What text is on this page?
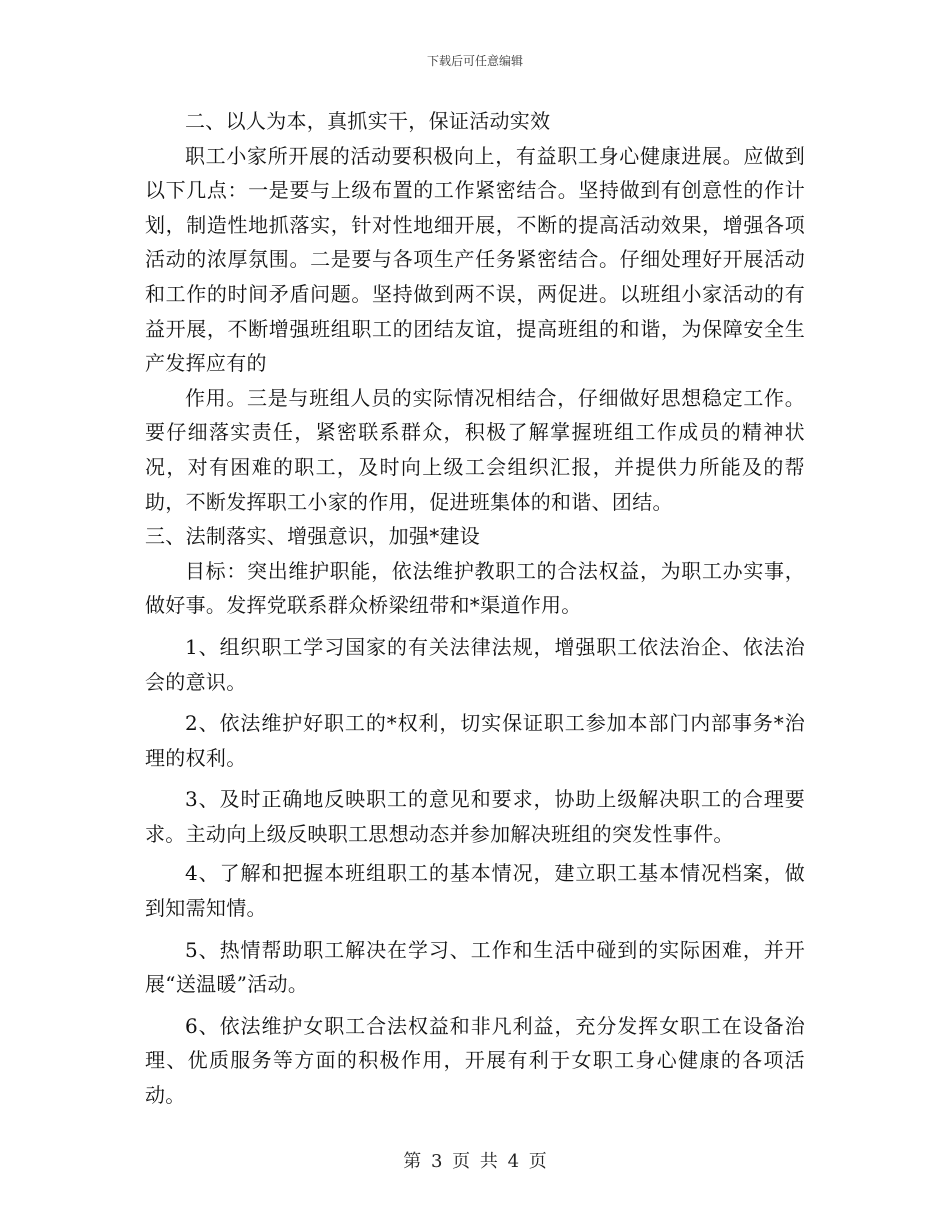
下载后可任意编辑

二、以人为本，真抓实干，保证活动实效

职工小家所开展的活动要积极向上，有益职工身心健康进展。应做到以下几点：一是要与上级布置的工作紧密结合。坚持做到有创意性的作计划，制造性地抓落实，针对性地细开展，不断的提高活动效果，增强各项活动的浓厚氛围。二是要与各项生产任务紧密结合。仔细处理好开展活动和工作的时间矛盾问题。坚持做到两不误，两促进。以班组小家活动的有益开展，不断增强班组职工的团结友谊，提高班组的和谐，为保障安全生产发挥应有的

作用。三是与班组人员的实际情况相结合，仔细做好思想稳定工作。要仔细落实责任，紧密联系群众，积极了解掌握班组工作成员的精神状况，对有困难的职工，及时向上级工会组织汇报，并提供力所能及的帮助，不断发挥职工小家的作用，促进班集体的和谐、团结。

三、法制落实、增强意识，加强*建设

目标：突出维护职能，依法维护教职工的合法权益，为职工办实事，做好事。发挥党联系群众桥梁纽带和*渠道作用。

1、组织职工学习国家的有关法律法规，增强职工依法治企、依法治会的意识。

2、依法维护好职工的*权利，切实保证职工参加本部门内部事务*治理的权利。

3、及时正确地反映职工的意见和要求，协助上级解决职工的合理要求。主动向上级反映职工思想动态并参加解决班组的突发性事件。

4、了解和把握本班组职工的基本情况，建立职工基本情况档案，做到知需知情。

5、热情帮助职工解决在学习、工作和生活中碰到的实际困难，并开展“送温暖”活动。

6、依法维护女职工合法权益和非凡利益，充分发挥女职工在设备治理、优质服务等方面的积极作用，开展有利于女职工身心健康的各项活动。

第 3 页 共 4 页
